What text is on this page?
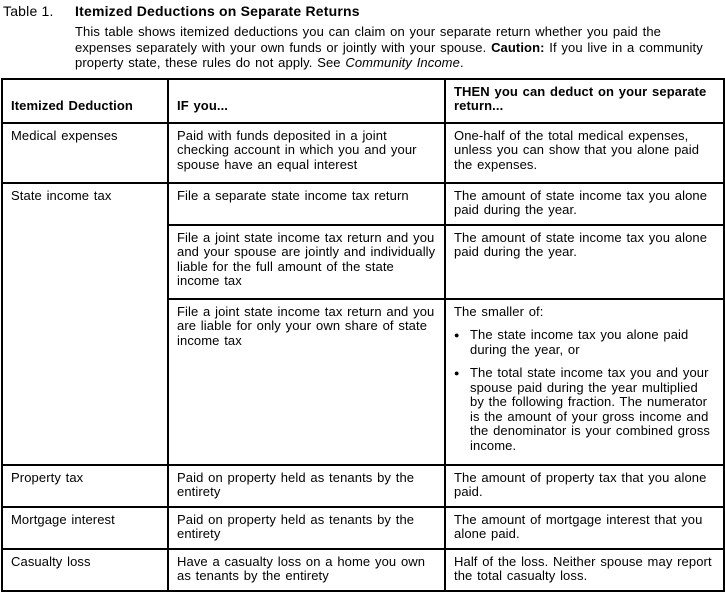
Table 1.	Itemized Deductions on Separate Returns

This table shows itemized deductions you can claim on your separate return whether you paid the expenses separately with your own funds or jointly with your spouse. Caution: If you live in a community property state, these rules do not apply. See Community Income.

Itemized Deduction	IF you...	THEN you can deduct on your separate return...
Medical expenses	Paid with funds deposited in a joint checking account in which you and your spouse have an equal interest	One-half of the total medical expenses, unless you can show that you alone paid the expenses.
State income tax	File a separate state income tax return	The amount of state income tax you alone paid during the year.
	File a joint state income tax return and you and your spouse are jointly and individually liable for the full amount of the state income tax	The amount of state income tax you alone paid during the year.
	File a joint state income tax return and you are liable for only your own share of state income tax	The smaller of:
● The state income tax you alone paid during the year, or
● The total state income tax you and your spouse paid during the year multiplied by the following fraction. The numerator is the amount of your gross income and the denominator is your combined gross income.

Property tax	Paid on property held as tenants by the entirety	The amount of property tax that you alone paid.
Mortgage interest	Paid on property held as tenants by the entirety	The amount of mortgage interest that you alone paid.
Casualty loss	Have a casualty loss on a home you own as tenants by the entirety	Half of the loss. Neither spouse may report the total casualty loss.
